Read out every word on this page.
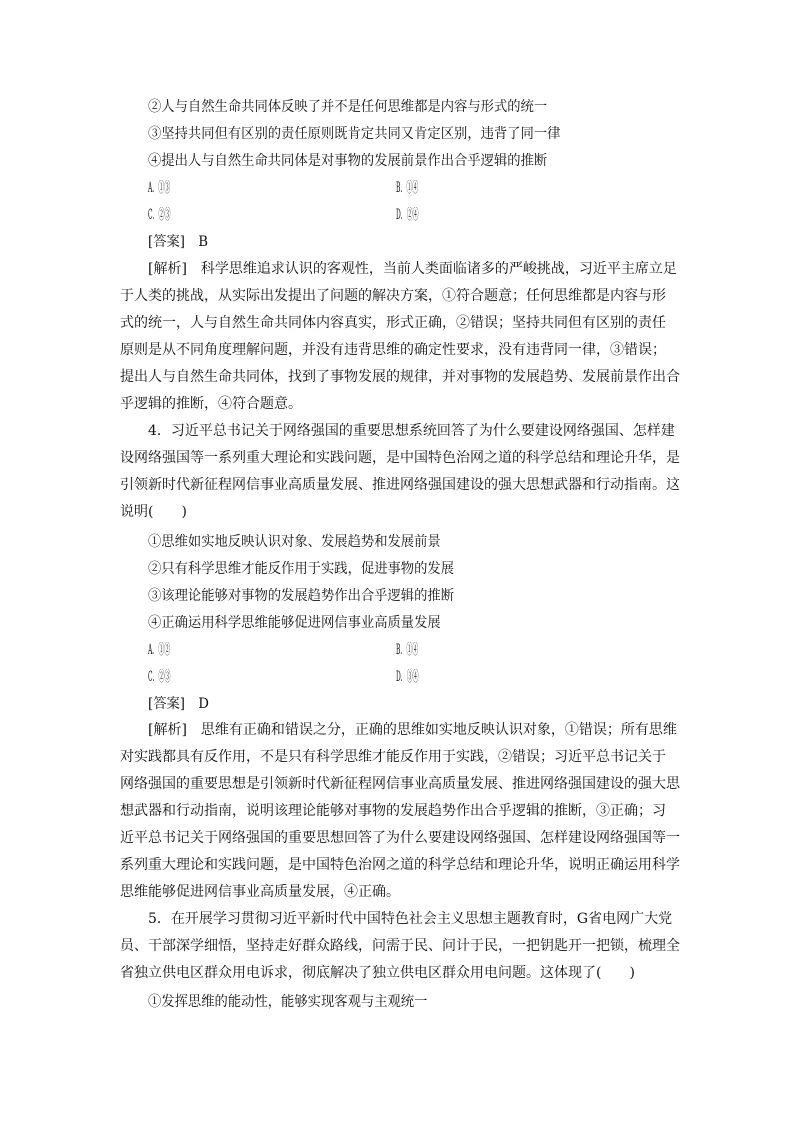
②人与自然生命共同体反映了并不是任何思维都是内容与形式的统一
③坚持共同但有区别的责任原则既肯定共同又肯定区别，违背了同一律
④提出人与自然生命共同体是对事物的发展前景作出合乎逻辑的推断
A．①③	B．①④
C．②③	D．②④
[答案]　B
[解析]　科学思维追求认识的客观性，当前人类面临诸多的严峻挑战，习近平主席立足
于人类的挑战，从实际出发提出了问题的解决方案，①符合题意；任何思维都是内容与形
式的统一，人与自然生命共同体内容真实，形式正确，②错误；坚持共同但有区别的责任
原则是从不同角度理解问题，并没有违背思维的确定性要求，没有违背同一律，③错误；
提出人与自然生命共同体，找到了事物发展的规律，并对事物的发展趋势、发展前景作出合
乎逻辑的推断，④符合题意。
4．习近平总书记关于网络强国的重要思想系统回答了为什么要建设网络强国、怎样建
设网络强国等一系列重大理论和实践问题，是中国特色治网之道的科学总结和理论升华，是
引领新时代新征程网信事业高质量发展、推进网络强国建设的强大思想武器和行动指南。这
说明(　　)
①思维如实地反映认识对象、发展趋势和发展前景
②只有科学思维才能反作用于实践，促进事物的发展
③该理论能够对事物的发展趋势作出合乎逻辑的推断
④正确运用科学思维能够促进网信事业高质量发展
A．①②	B．①④
C．②③	D．③④
[答案]　D
[解析]　思维有正确和错误之分，正确的思维如实地反映认识对象，①错误；所有思维
对实践都具有反作用，不是只有科学思维才能反作用于实践，②错误；习近平总书记关于
网络强国的重要思想是引领新时代新征程网信事业高质量发展、推进网络强国建设的强大思
想武器和行动指南，说明该理论能够对事物的发展趋势作出合乎逻辑的推断，③正确；习
近平总书记关于网络强国的重要思想回答了为什么要建设网络强国、怎样建设网络强国等一
系列重大理论和实践问题，是中国特色治网之道的科学总结和理论升华，说明正确运用科学
思维能够促进网信事业高质量发展，④正确。
5．在开展学习贯彻习近平新时代中国特色社会主义思想主题教育时，G省电网广大党
员、干部深学细悟，坚持走好群众路线，问需于民、问计于民，一把钥匙开一把锁，梳理全
省独立供电区群众用电诉求，彻底解决了独立供电区群众用电问题。这体现了(　　)
①发挥思维的能动性，能够实现客观与主观统一
